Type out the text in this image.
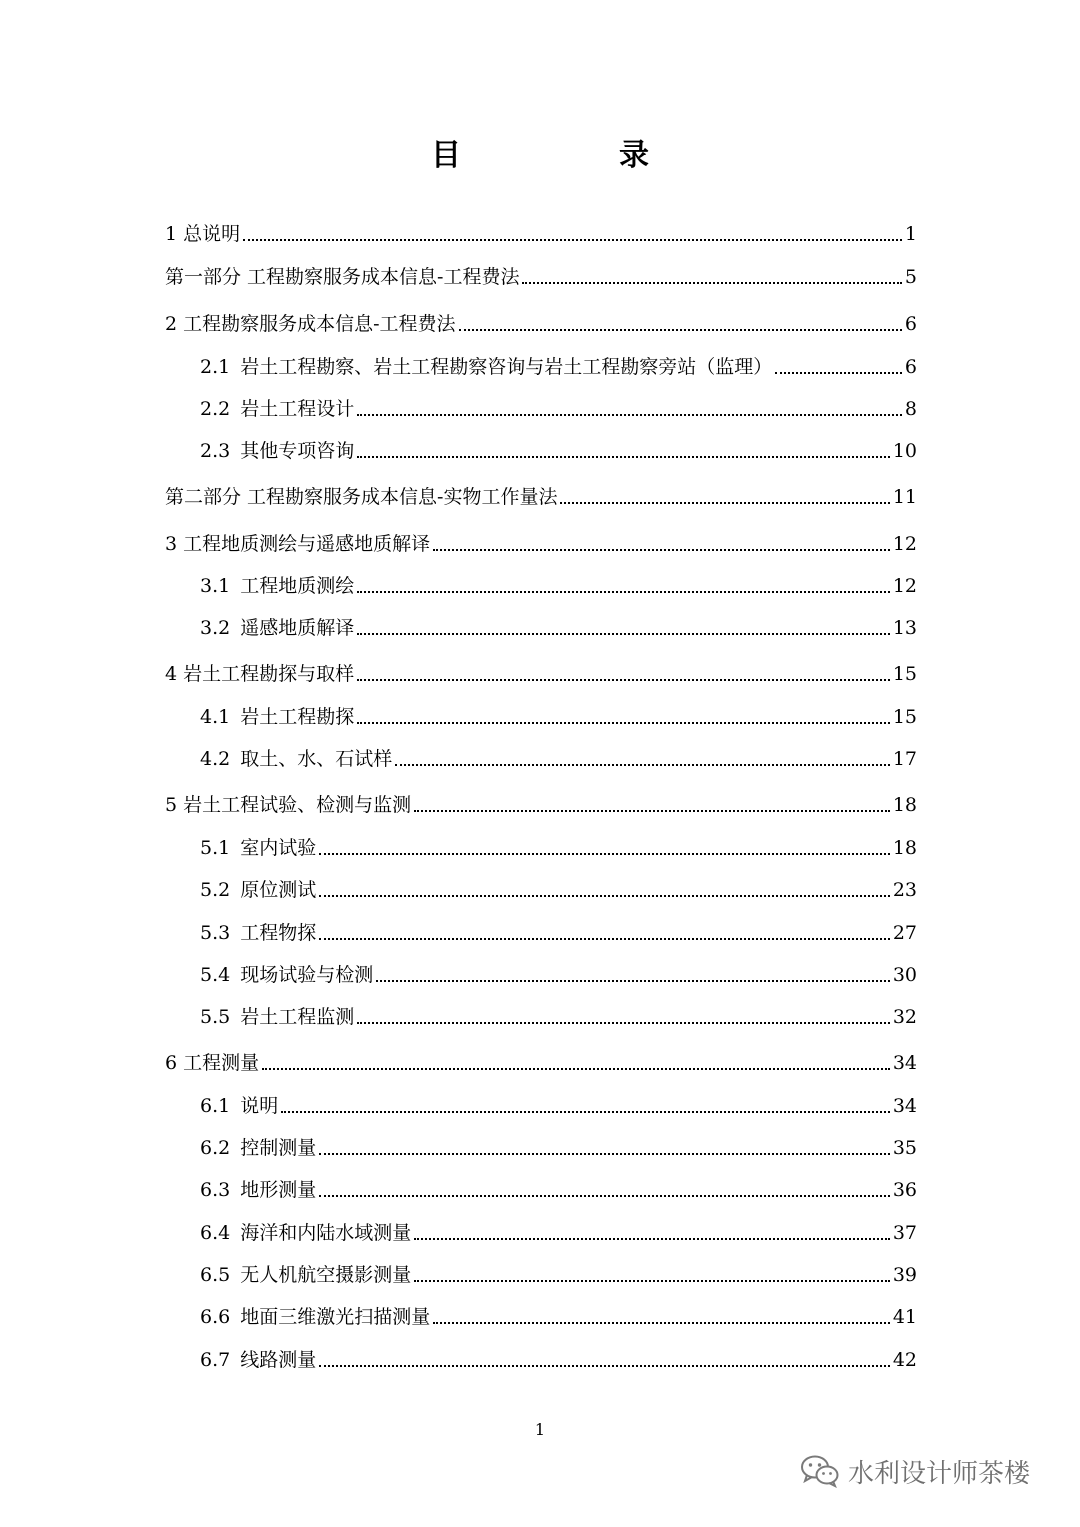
目　录
1 总说明	1
第一部分 工程勘察服务成本信息-工程费法	5
2 工程勘察服务成本信息-工程费法	6
2.1 岩土工程勘察、岩土工程勘察咨询与岩土工程勘察旁站（监理）	6
2.2 岩土工程设计	8
2.3 其他专项咨询	10
第二部分 工程勘察服务成本信息-实物工作量法	11
3 工程地质测绘与遥感地质解译	12
3.1 工程地质测绘	12
3.2 遥感地质解译	13
4 岩土工程勘探与取样	15
4.1 岩土工程勘探	15
4.2 取土、水、石试样	17
5 岩土工程试验、检测与监测	18
5.1 室内试验	18
5.2 原位测试	23
5.3 工程物探	27
5.4 现场试验与检测	30
5.5 岩土工程监测	32
6 工程测量	34
6.1 说明	34
6.2 控制测量	35
6.3 地形测量	36
6.4 海洋和内陆水域测量	37
6.5 无人机航空摄影测量	39
6.6 地面三维激光扫描测量	41
6.7 线路测量	42
1
水利设计师茶楼
